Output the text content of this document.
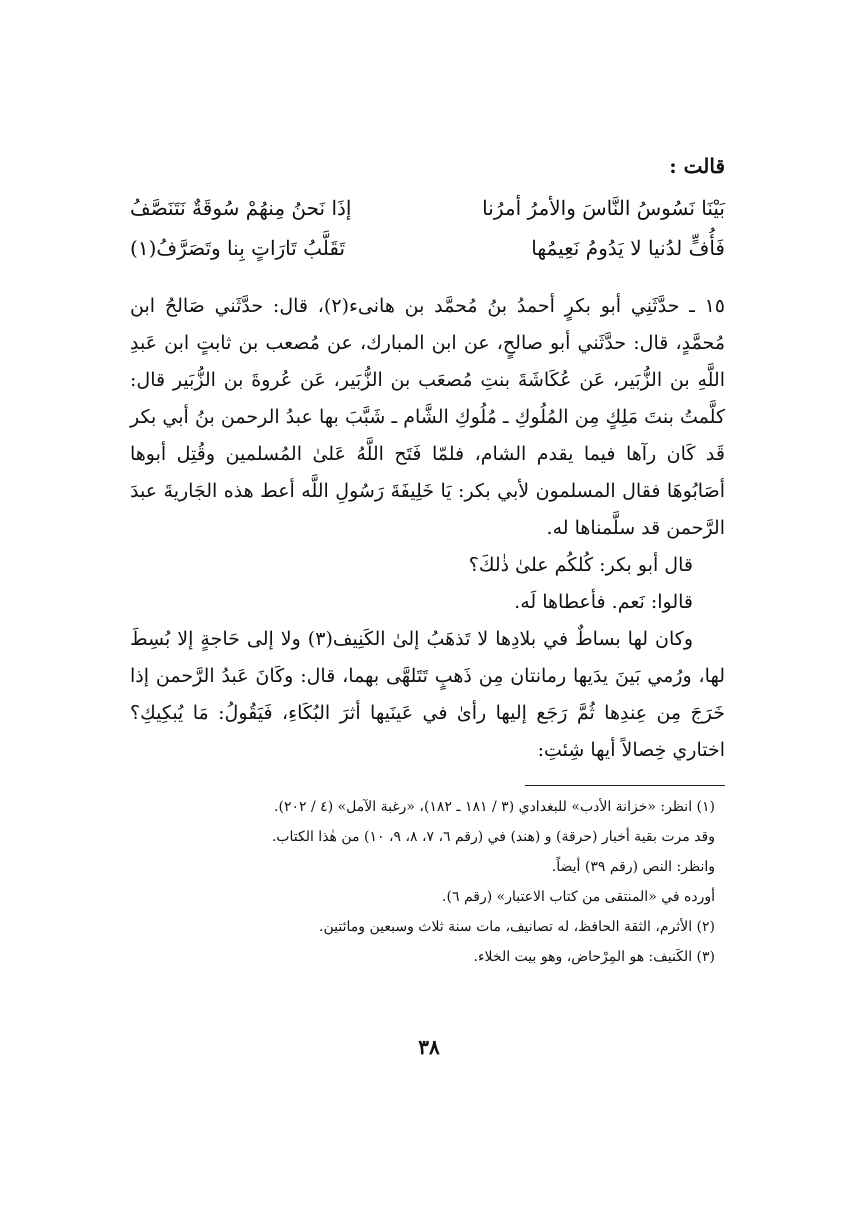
قالت :
بَيْنَا نَسُوسُ النَّاسَ والأمرُ أمرُنا
إذَا نَحنُ مِنهُمْ سُوقَةٌ نَتَنَصَّفُ
فَأُفٍّ لدُنيا لا يَدُومُ نَعِيمُها
تَقَلَّبُ تَارَاتٍ بِنا وتَصَرَّفُ(١)

١٥ ـ حدَّثَنِي أبو بكرٍ أحمدُ بنُ مُحمَّد بن هانىء(٢)، قال: حدَّثَني صَالحُ ابن مُحمَّدٍ، قال: حدَّثَني أبو صالحٍ، عن ابن المبارك، عن مُصعب بن ثابتٍ ابن عَبدِ اللَّهِ بن الزُّبَير، عَن عُكَاشَةَ بنتِ مُصعَب بن الزُّبَير، عَن عُروةَ بن الزُّبَير قال: كلَّمتُ بنتَ مَلِكٍ مِن المُلُوكِ ـ مُلُوكِ الشَّام ـ شَبَّبَ بها عبدُ الرحمن بنُ أبي بكر قَد كَان رآها فيما يقدم الشام، فلمّا فَتَح اللَّهُ عَلىٰ المُسلمين وقُتِل أبوها أصَابُوهَا فقال المسلمون لأبي بكر: يَا خَلِيفَةَ رَسُولِ اللَّه أعط هذه الجَاريةَ عبدَ الرَّحمن قد سلَّمناها له.

قال أبو بكر: كُلكُم علىٰ ذٰلكَ؟

قالوا: نَعم. فأعطاها لَه.

وكان لها بساطٌ في بلادِها لا تَذهَبُ إلىٰ الكَنِيف(٣) ولا إلى حَاجةٍ إلا بُسِطَ لها، ورُمي بَينَ يدَيها رمانتان مِن ذَهبٍ تَتَلهَّى بهما، قال: وكَانَ عَبدُ الرَّحمن إذا خَرَجَ مِن عِندِها ثُمَّ رَجَع إليها رأىٰ في عَينَيها أثرَ البُكَاءِ، فَيَقُولُ: مَا يُبكِيكِ؟ اختاري خِصالاً أيها شِئتِ:

(١) انظر: «خزانة الأدب» للبغدادي (٣ / ١٨١ ـ ١٨٢)، «رغبة الآمل» (٤ / ٢٠٢).

وقد مرت بقية أخبار (حرقة) و (هند) في (رقم ٦، ٧، ٨، ٩، ١٠) من هٰذا الكتاب.

وانظر: النص (رقم ٣٩) أيضاً.

أورده في «المنتقى من كتاب الاعتبار» (رقم ٦).

(٢) الأثرم، الثقة الحافظ، له تصانيف، مات سنة ثلاث وسبعين ومائتين.

(٣) الكَنيف: هو المِرْحاض، وهو بيت الخلاء.

٣٨
